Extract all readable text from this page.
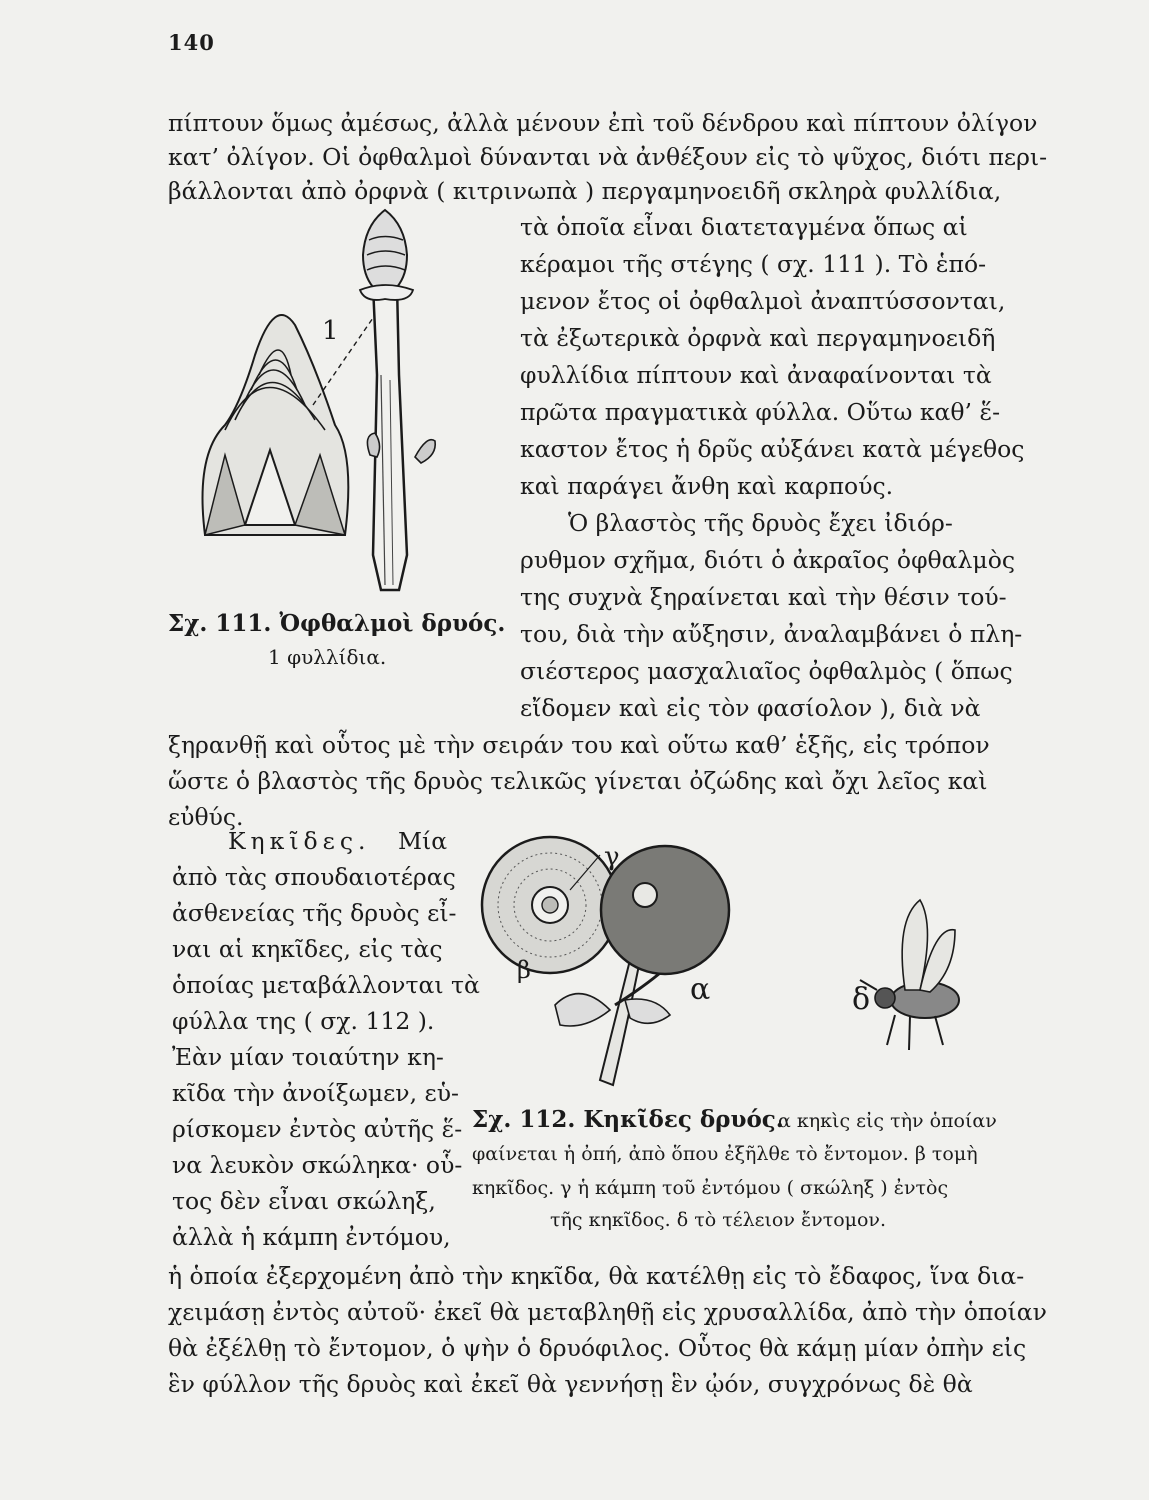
140
πίπτουν ὅμως ἀμέσως, ἀλλὰ μένουν ἐπὶ τοῦ δένδρου καὶ πίπτουν ὀλίγον
κατ’ ὀλίγον. Οἱ ὀφθαλμοὶ δύνανται νὰ ἀνθέξουν εἰς τὸ ψῦχος, διότι περι-
βάλλονται ἀπὸ ὀρφνὰ ( κιτρινωπὰ ) περγαμηνοειδῆ σκληρὰ φυλλίδια,
τὰ ὁποῖα εἶναι διατεταγμένα ὅπως αἱ
κέραμοι τῆς στέγης ( σχ. 111 ). Τὸ ἑπό-
μενον ἔτος οἱ ὀφθαλμοὶ ἀναπτύσσονται,
τὰ ἐξωτερικὰ ὀρφνὰ καὶ περγαμηνοειδῆ
φυλλίδια πίπτουν καὶ ἀναφαίνονται τὰ
πρῶτα πραγματικὰ φύλλα. Οὕτω καθ’ ἕ-
καστον ἔτος ἡ δρῦς αὐξάνει κατὰ μέγεθος
καὶ παράγει ἄνθη καὶ καρπούς.
Ὁ βλαστὸς τῆς δρυὸς ἔχει ἰδιόρ-
ρυθμον σχῆμα, διότι ὁ ἀκραῖος ὀφθαλμὸς
της συχνὰ ξηραίνεται καὶ τὴν θέσιν τού-
του, διὰ τὴν αὔξησιν, ἀναλαμβάνει ὁ πλη-
σιέστερος μασχαλιαῖος ὀφθαλμὸς ( ὅπως
εἴδομεν καὶ εἰς τὸν φασίολον ), διὰ νὰ
ξηρανθῇ καὶ οὗτος μὲ τὴν σειράν του καὶ οὕτω καθ’ ἑξῆς, εἰς τρόπον
ὥστε ὁ βλαστὸς τῆς δρυὸς τελικῶς γίνεται ὀζώδης καὶ ὄχι λεῖος καὶ
εὐθύς.
1
Σχ. 111. Ὀφθαλμοὶ δρυός.
1 φυλλίδια.
Κηκῖδες. Μία
ἀπὸ τὰς σπουδαιοτέρας
ἀσθενείας τῆς δρυὸς εἶ-
ναι αἱ κηκῖδες, εἰς τὰς
ὁποίας μεταβάλλονται τὰ
φύλλα της ( σχ. 112 ).
Ἐὰν μίαν τοιαύτην κη-
κῖδα τὴν ἀνοίξωμεν, εὑ-
ρίσκομεν ἐντὸς αὐτῆς ἕ-
να λευκὸν σκώληκα· οὗ-
τος δὲν εἶναι σκώληξ,
ἀλλὰ ἡ κάμπη ἐντόμου,
γ
β
α	δ
Σχ. 112. Κηκῖδες δρυός.
α κηκὶς εἰς τὴν ὁποίαν
φαίνεται ἡ ὀπή, ἀπὸ ὅπου ἐξῆλθε τὸ ἔντομον. β τομὴ
κηκῖδος. γ ἡ κάμπη τοῦ ἐντόμου ( σκώληξ ) ἐντὸς
τῆς κηκῖδος. δ τὸ τέλειον ἔντομον.
ἡ ὁποία ἐξερχομένη ἀπὸ τὴν κηκῖδα, θὰ κατέλθῃ εἰς τὸ ἔδαφος, ἵνα δια-
χειμάσῃ ἐντὸς αὐτοῦ· ἐκεῖ θὰ μεταβληθῇ εἰς χρυσαλλίδα, ἀπὸ τὴν ὁποίαν
θὰ ἐξέλθῃ τὸ ἔντομον, ὁ ψὴν ὁ δρυόφιλος. Οὗτος θὰ κάμῃ μίαν ὀπὴν εἰς
ἓν φύλλον τῆς δρυὸς καὶ ἐκεῖ θὰ γεννήσῃ ἓν ᾠόν, συγχρόνως δὲ θὰ
